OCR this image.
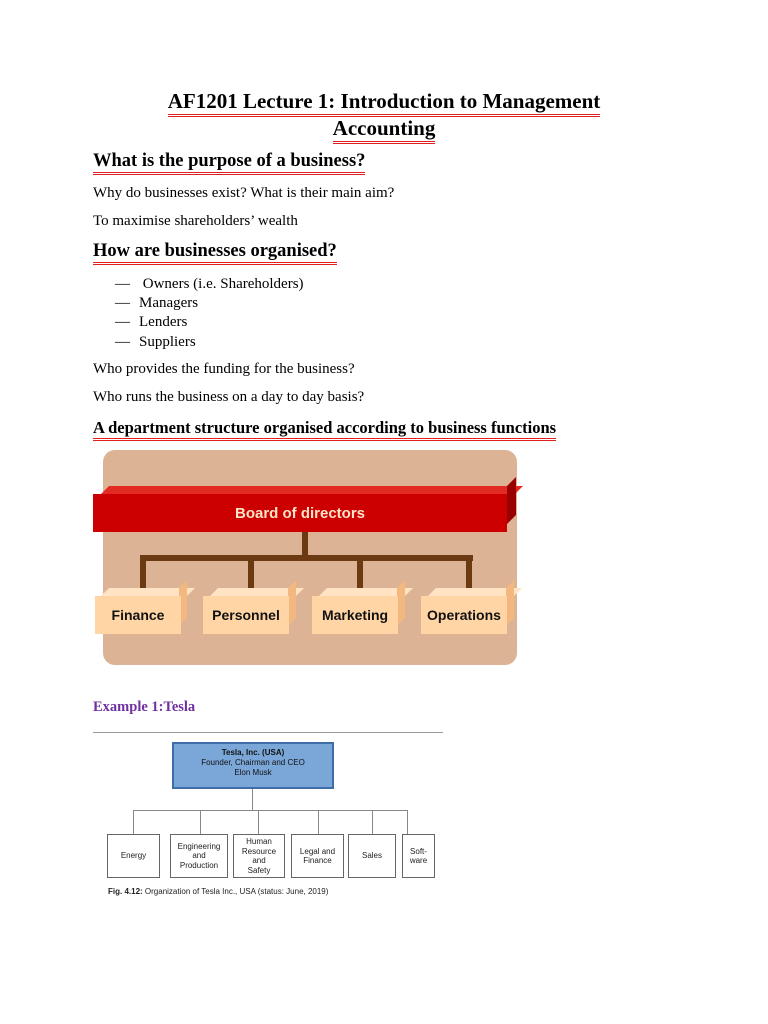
AF1201 Lecture 1: Introduction to Management
Accounting
What is the purpose of a business?
Why do businesses exist? What is their main aim?
To maximise shareholders’ wealth
How are businesses organised?
— Owners (i.e. Shareholders)
— Managers
— Lenders
— Suppliers
Who provides the funding for the business?
Who runs the business on a day to day basis?
A department structure organised according to business functions
Board of directors
Finance	Personnel	Marketing	Operations
Example 1:Tesla
Tesla, Inc. (USA)
Founder, Chairman and CEO
Elon Musk
Energy
Engineering
and
Production
Human
Resource
and
Safety
Legal and
Finance
Sales
Soft-
ware
Fig. 4.12: Organization of Tesla Inc., USA (status: June, 2019)
